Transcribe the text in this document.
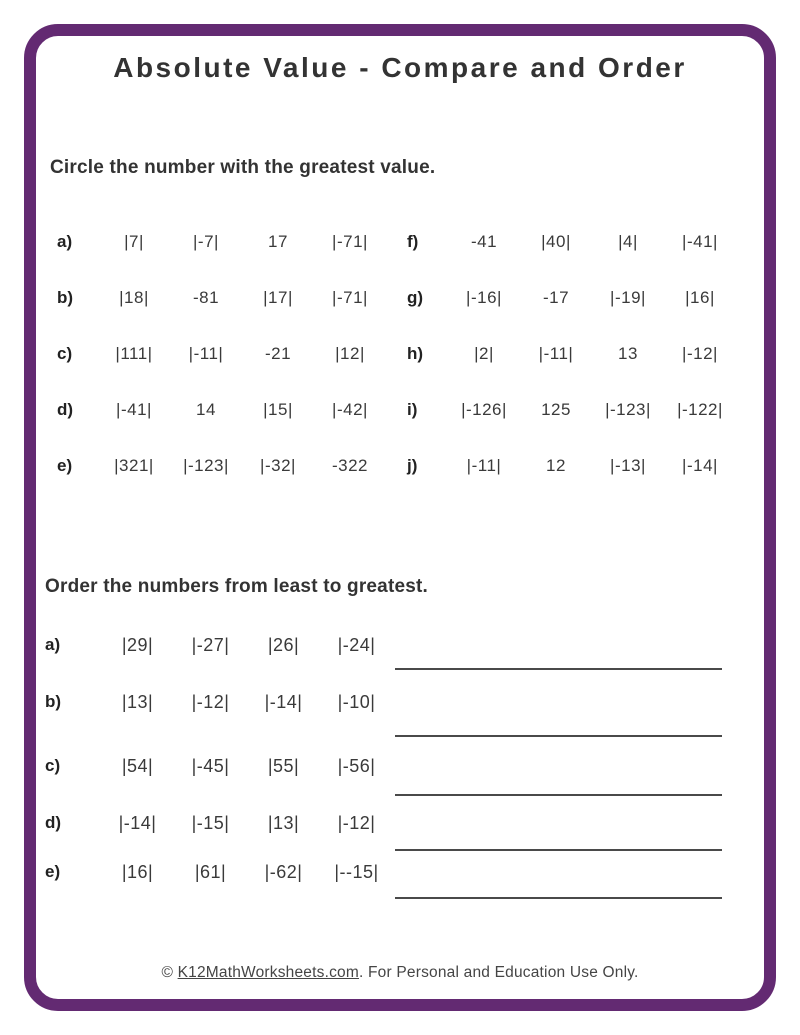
Absolute Value - Compare and Order
Circle the number with the greatest value.
a)	|7|	|-7|	17	|-71|
b)	|18|	-81	|17|	|-71|
c)	|111|	|-11|	-21	|12|
d)	|-41|	14	|15|	|-42|
e)	|321|	|-123|	|-32|	-322
f)	-41	|40|	|4|	|-41|
g)	|-16|	-17	|-19|	|16|
h)	|2|	|-11|	13	|-12|
i)	|-126|	125	|-123|	|-122|
j)	|-11|	12	|-13|	|-14|
Order the numbers from least to greatest.
a)	|29|	|-27|	|26|	|-24|
b)	|13|	|-12|	|-14|	|-10|
c)	|54|	|-45|	|55|	|-56|
d)	|-14|	|-15|	|13|	|-12|
e)	|16|	|61|	|-62|	|--15|
© K12MathWorksheets.com. For Personal and Education Use Only.
